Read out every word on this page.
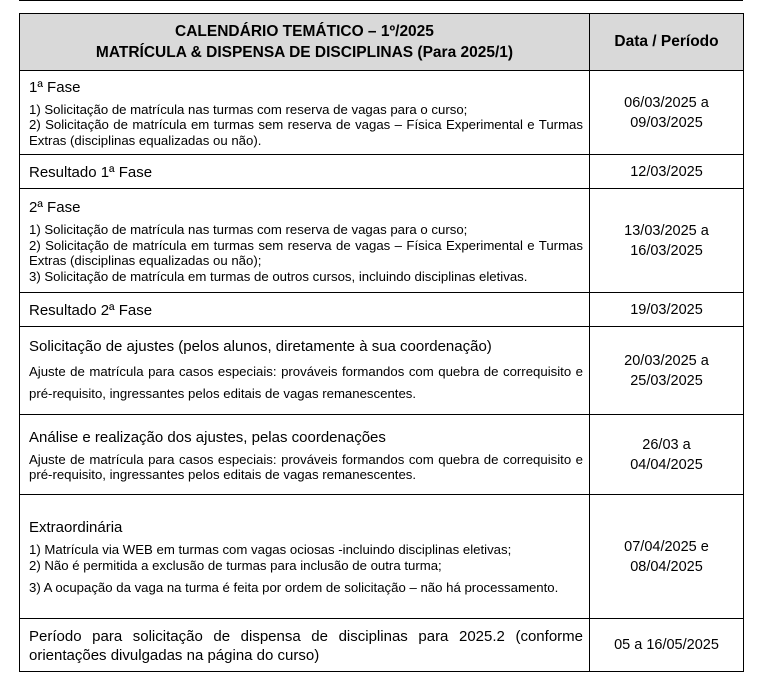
CALENDÁRIO TEMÁTICO – 1º/2025
MATRÍCULA & DISPENSA DE DISCIPLINAS (Para 2025/1)	Data / Período

1ª Fase
1) Solicitação de matrícula nas turmas com reserva de vagas para o curso;
2) Solicitação de matrícula em turmas sem reserva de vagas – Física Experimental e Turmas Extras (disciplinas equalizadas ou não).	06/03/2025 a
09/03/2025

Resultado 1ª Fase	12/03/2025

2ª Fase
1) Solicitação de matrícula nas turmas com reserva de vagas para o curso;
2) Solicitação de matrícula em turmas sem reserva de vagas – Física Experimental e Turmas Extras (disciplinas equalizadas ou não);
3) Solicitação de matrícula em turmas de outros cursos, incluindo disciplinas eletivas.	13/03/2025 a
16/03/2025

Resultado 2ª Fase	19/03/2025

Solicitação de ajustes (pelos alunos, diretamente à sua coordenação)
Ajuste de matrícula para casos especiais: prováveis formandos com quebra de correquisito e pré-requisito, ingressantes pelos editais de vagas remanescentes.	20/03/2025 a
25/03/2025

Análise e realização dos ajustes, pelas coordenações
Ajuste de matrícula para casos especiais: prováveis formandos com quebra de correquisito e pré-requisito, ingressantes pelos editais de vagas remanescentes.	26/03 a
04/04/2025

Extraordinária
1) Matrícula via WEB em turmas com vagas ociosas -incluindo disciplinas eletivas;
2) Não é permitida a exclusão de turmas para inclusão de outra turma;
3) A ocupação da vaga na turma é feita por ordem de solicitação – não há processamento.	07/04/2025 e
08/04/2025

Período para solicitação de dispensa de disciplinas para 2025.2 (conforme orientações divulgadas na página do curso)	05 a 16/05/2025
